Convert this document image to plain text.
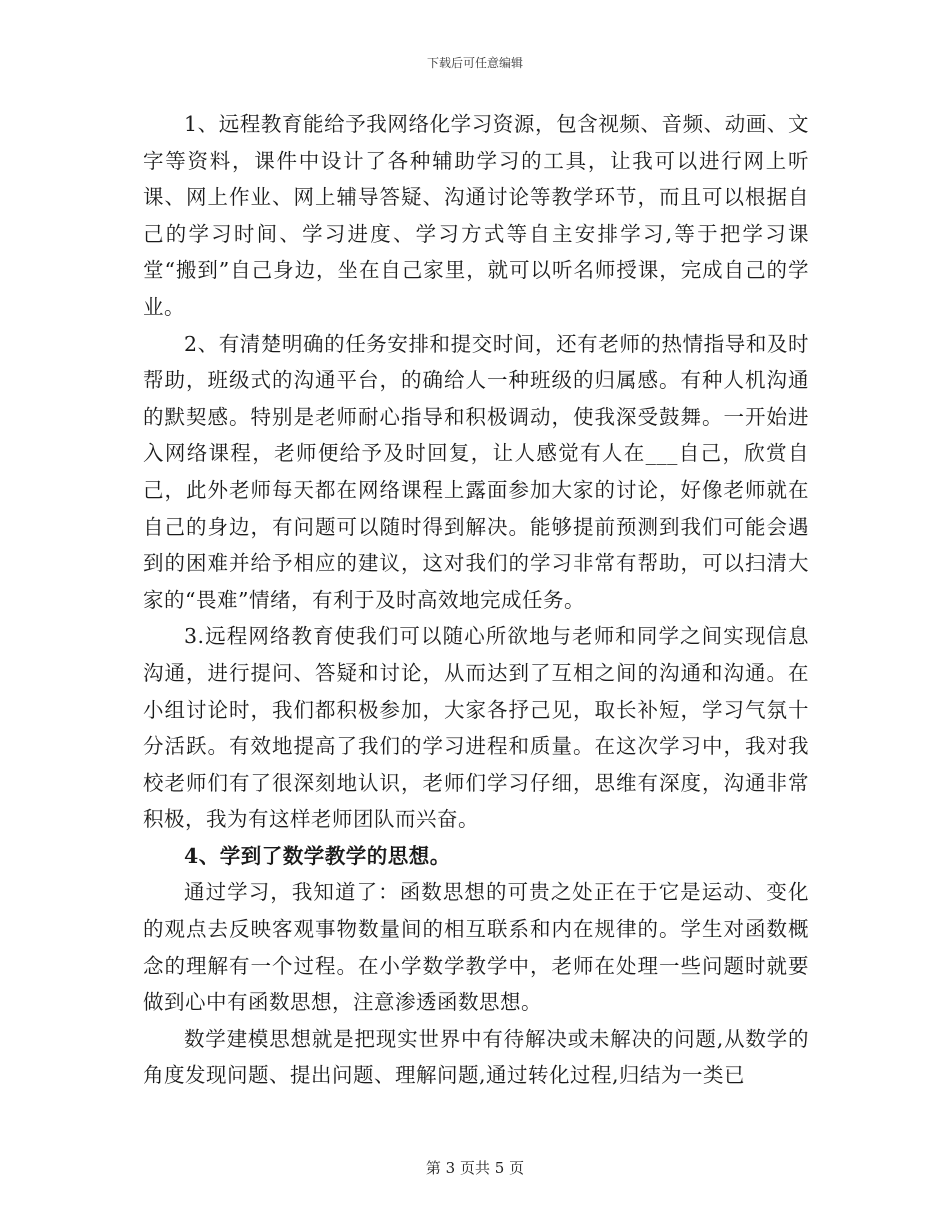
下载后可任意编辑

1、远程教育能给予我网络化学习资源，包含视频、音频、动画、文字等资料，课件中设计了各种辅助学习的工具，让我可以进行网上听课、网上作业、网上辅导答疑、沟通讨论等教学环节，而且可以根据自己的学习时间、学习进度、学习方式等自主安排学习,等于把学习课堂“搬到”自己身边，坐在自己家里，就可以听名师授课，完成自己的学业。

2、有清楚明确的任务安排和提交时间，还有老师的热情指导和及时帮助，班级式的沟通平台，的确给人一种班级的归属感。有种人机沟通的默契感。特别是老师耐心指导和积极调动，使我深受鼓舞。一开始进入网络课程，老师便给予及时回复，让人感觉有人在___自己，欣赏自己，此外老师每天都在网络课程上露面参加大家的讨论，好像老师就在自己的身边，有问题可以随时得到解决。能够提前预测到我们可能会遇到的困难并给予相应的建议，这对我们的学习非常有帮助，可以扫清大家的“畏难”情绪，有利于及时高效地完成任务。

3.远程网络教育使我们可以随心所欲地与老师和同学之间实现信息沟通，进行提问、答疑和讨论，从而达到了互相之间的沟通和沟通。在小组讨论时，我们都积极参加，大家各抒己见，取长补短，学习气氛十分活跃。有效地提高了我们的学习进程和质量。在这次学习中，我对我校老师们有了很深刻地认识，老师们学习仔细，思维有深度，沟通非常积极，我为有这样老师团队而兴奋。

4、学到了数学教学的思想。

通过学习，我知道了：函数思想的可贵之处正在于它是运动、变化的观点去反映客观事物数量间的相互联系和内在规律的。学生对函数概念的理解有一个过程。在小学数学教学中，老师在处理一些问题时就要做到心中有函数思想，注意渗透函数思想。

数学建模思想就是把现实世界中有待解决或未解决的问题,从数学的角度发现问题、提出问题、理解问题,通过转化过程,归结为一类已

第 3 页共 5 页
